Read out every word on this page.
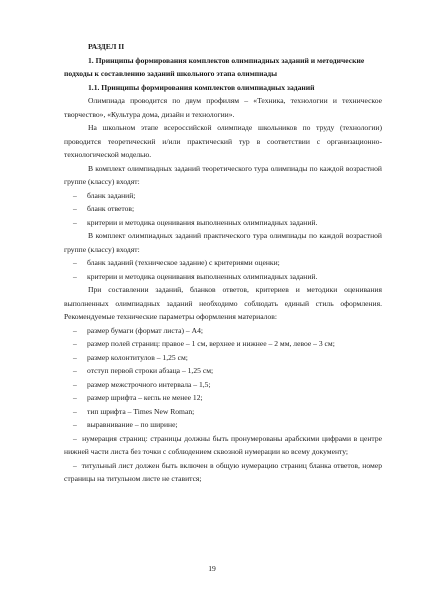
РАЗДЕЛ II

1. Принципы формирования комплектов олимпиадных заданий и методические подходы к составлению заданий школьного этапа олимпиады

1.1. Принципы формирования комплектов олимпиадных заданий

Олимпиада проводится по двум профилям – «Техника, технологии и техническое творчество», «Культура дома, дизайн и технологии».

На школьном этапе всероссийской олимпиаде школьников по труду (технологии) проводится теоретический и/или практический тур в соответствии с организационно-технологической моделью.

В комплект олимпиадных заданий теоретического тура олимпиады по каждой возрастной группе (классу) входят:

–	бланк заданий;

–	бланк ответов;

–	критерии и методика оценивания выполненных олимпиадных заданий.

В комплект олимпиадных заданий практического тура олимпиады по каждой возрастной группе (классу) входят:

–	бланк заданий (техническое задание) с критериями оценки;

–	критерии и методика оценивания выполненных олимпиадных заданий.

При составлении заданий, бланков ответов, критериев и методики оценивания выполненных олимпиадных заданий необходимо соблюдать единый стиль оформления. Рекомендуемые технические параметры оформления материалов:

–	размер бумаги (формат листа) – А4;

–	размер полей страниц: правое – 1 см, верхнее и нижнее – 2 мм, левое – 3 см;

–	размер колонтитулов – 1,25 см;

–	отступ первой строки абзаца – 1,25 см;

–	размер межстрочного интервала – 1,5;

–	размер шрифта – кегль не менее 12;

–	тип шрифта – Times New Roman;

–	выравнивание – по ширине;

– нумерация страниц: страницы должны быть пронумерованы арабскими цифрами в центре нижней части листа без точки с соблюдением сквозной нумерации ко всему документу;

– титульный лист должен быть включен в общую нумерацию страниц бланка ответов, номер страницы на титульном листе не ставится;

19
